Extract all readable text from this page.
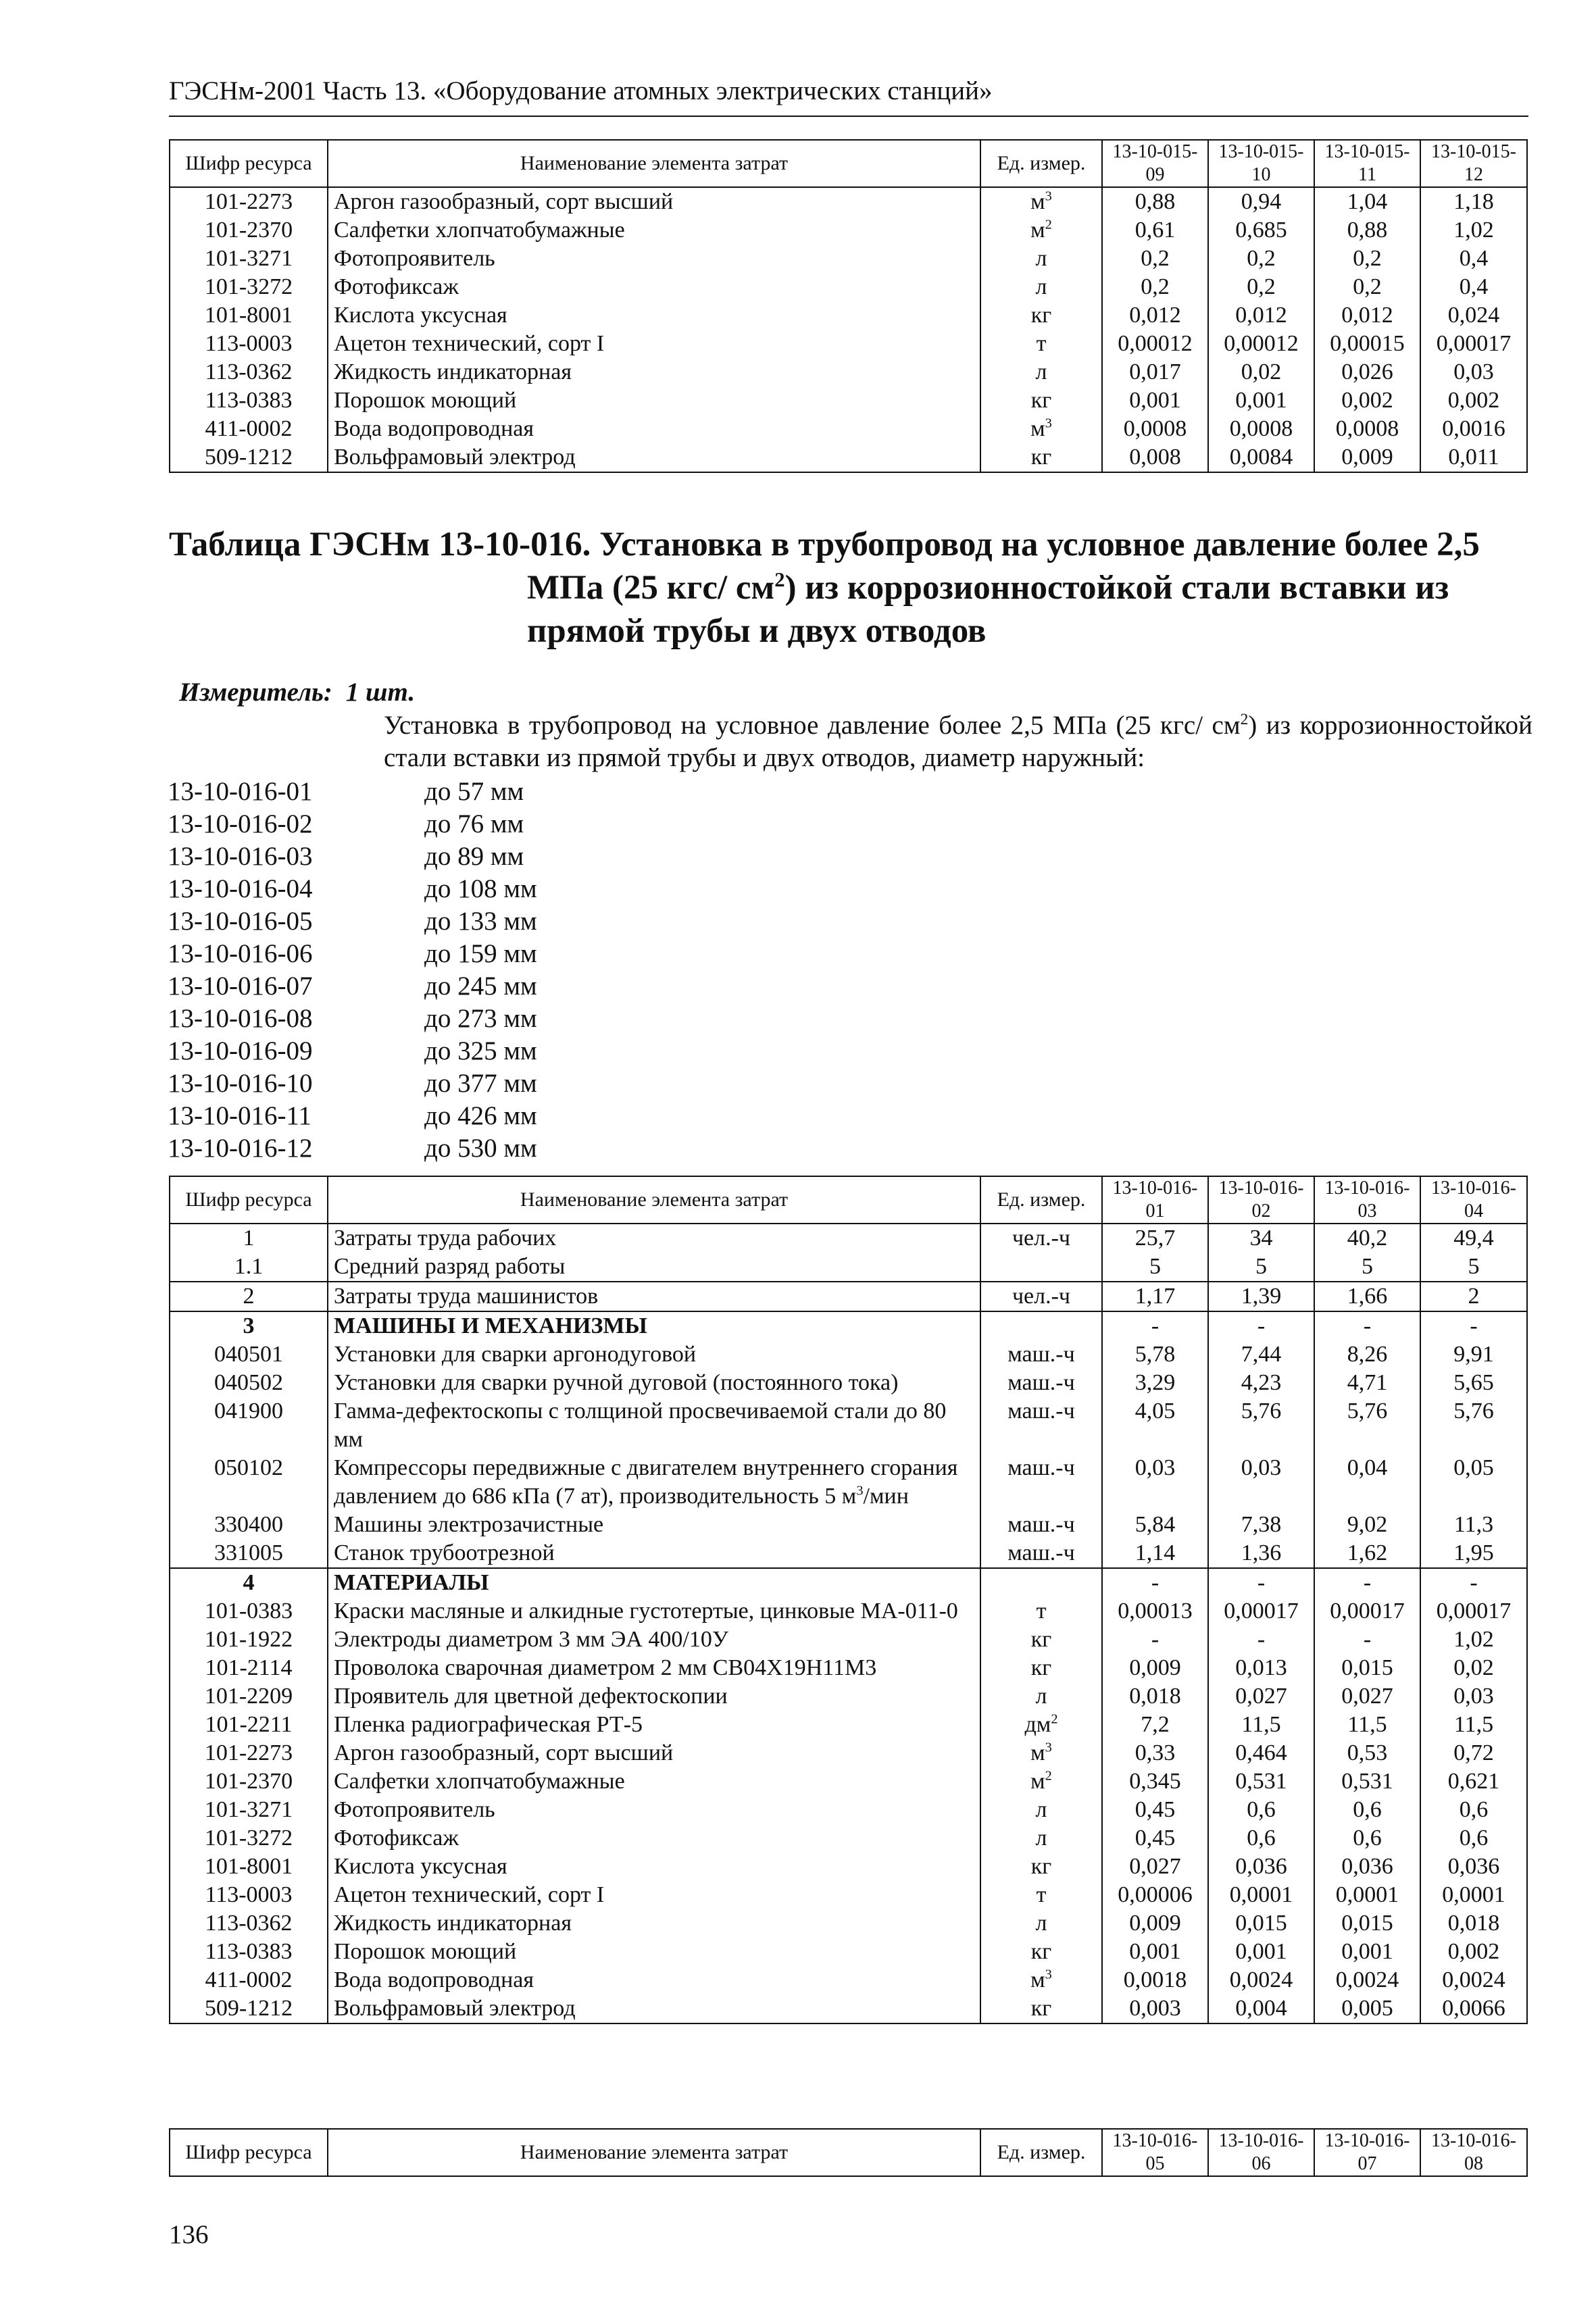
ГЭСНм-2001 Часть 13. «Оборудование атомных электрических станций»
Шифр ресурса	Наименование элемента затрат	Ед. измер.	13-10-015-09	13-10-015-10	13-10-015-11	13-10-015-12
101-2273	Аргон газообразный, сорт высший	$м^3$	0,88	0,94	1,04	1,18
101-2370	Салфетки хлопчатобумажные	$м^2$	0,61	0,685	0,88	1,02
101-3271	Фотопроявитель	л	0,2	0,2	0,2	0,4
101-3272	Фотофиксаж	л	0,2	0,2	0,2	0,4
101-8001	Кислота уксусная	кг	0,012	0,012	0,012	0,024
113-0003	Ацетон технический, сорт I	т	0,00012	0,00012	0,00015	0,00017
113-0362	Жидкость индикаторная	л	0,017	0,02	0,026	0,03
113-0383	Порошок моющий	кг	0,001	0,001	0,002	0,002
411-0002	Вода водопроводная	$м^3$	0,0008	0,0008	0,0008	0,0016
509-1212	Вольфрамовый электрод	кг	0,008	0,0084	0,009	0,011
Таблица ГЭСНм 13-10-016. Установка в трубопровод на условное давление более 2,5
МПа (25 кгс/ $см^2$) из коррозионностойкой стали вставки из
прямой трубы и двух отводов
Измеритель: 1 шт.
Установка в трубопровод на условное давление более 2,5 МПа (25 кгс/ $см^2$) из коррозионностойкой стали вставки из прямой трубы и двух отводов, диаметр наружный:
13-10-016-01	до 57 мм
13-10-016-02	до 76 мм
13-10-016-03	до 89 мм
13-10-016-04	до 108 мм
13-10-016-05	до 133 мм
13-10-016-06	до 159 мм
13-10-016-07	до 245 мм
13-10-016-08	до 273 мм
13-10-016-09	до 325 мм
13-10-016-10	до 377 мм
13-10-016-11	до 426 мм
13-10-016-12	до 530 мм
Шифр ресурса	Наименование элемента затрат	Ед. измер.	13-10-016-01	13-10-016-02	13-10-016-03	13-10-016-04
1	Затраты труда рабочих	чел.-ч	25,7	34	40,2	49,4
1.1	Средний разряд работы		5	5	5	5
2	Затраты труда машинистов	чел.-ч	1,17	1,39	1,66	2
3	МАШИНЫ И МЕХАНИЗМЫ		-	-	-	-
040501	Установки для сварки аргонодуговой	маш.-ч	5,78	7,44	8,26	9,91
040502	Установки для сварки ручной дуговой (постоянного тока)	маш.-ч	3,29	4,23	4,71	5,65
041900	Гамма-дефектоскопы с толщиной просвечиваемой стали до 80 мм	маш.-ч	4,05	5,76	5,76	5,76
050102	Компрессоры передвижные с двигателем внутреннего сгорания давлением до 686 кПа (7 ат), производительность 5 $м^3$/мин	маш.-ч	0,03	0,03	0,04	0,05
330400	Машины электрозачистные	маш.-ч	5,84	7,38	9,02	11,3
331005	Станок трубоотрезной	маш.-ч	1,14	1,36	1,62	1,95
4	МАТЕРИАЛЫ		-	-	-	-
101-0383	Краски масляные и алкидные густотертые, цинковые МА-011-0	т	0,00013	0,00017	0,00017	0,00017
101-1922	Электроды диаметром 3 мм ЭА 400/10У	кг	-	-	-	1,02
101-2114	Проволока сварочная диаметром 2 мм СВ04Х19Н11М3	кг	0,009	0,013	0,015	0,02
101-2209	Проявитель для цветной дефектоскопии	л	0,018	0,027	0,027	0,03
101-2211	Пленка радиографическая РТ-5	$дм^2$	7,2	11,5	11,5	11,5
101-2273	Аргон газообразный, сорт высший	$м^3$	0,33	0,464	0,53	0,72
101-2370	Салфетки хлопчатобумажные	$м^2$	0,345	0,531	0,531	0,621
101-3271	Фотопроявитель	л	0,45	0,6	0,6	0,6
101-3272	Фотофиксаж	л	0,45	0,6	0,6	0,6
101-8001	Кислота уксусная	кг	0,027	0,036	0,036	0,036
113-0003	Ацетон технический, сорт I	т	0,00006	0,0001	0,0001	0,0001
113-0362	Жидкость индикаторная	л	0,009	0,015	0,015	0,018
113-0383	Порошок моющий	кг	0,001	0,001	0,001	0,002
411-0002	Вода водопроводная	$м^3$	0,0018	0,0024	0,0024	0,0024
509-1212	Вольфрамовый электрод	кг	0,003	0,004	0,005	0,0066
Шифр ресурса	Наименование элемента затрат	Ед. измер.	13-10-016-05	13-10-016-06	13-10-016-07	13-10-016-08
136
